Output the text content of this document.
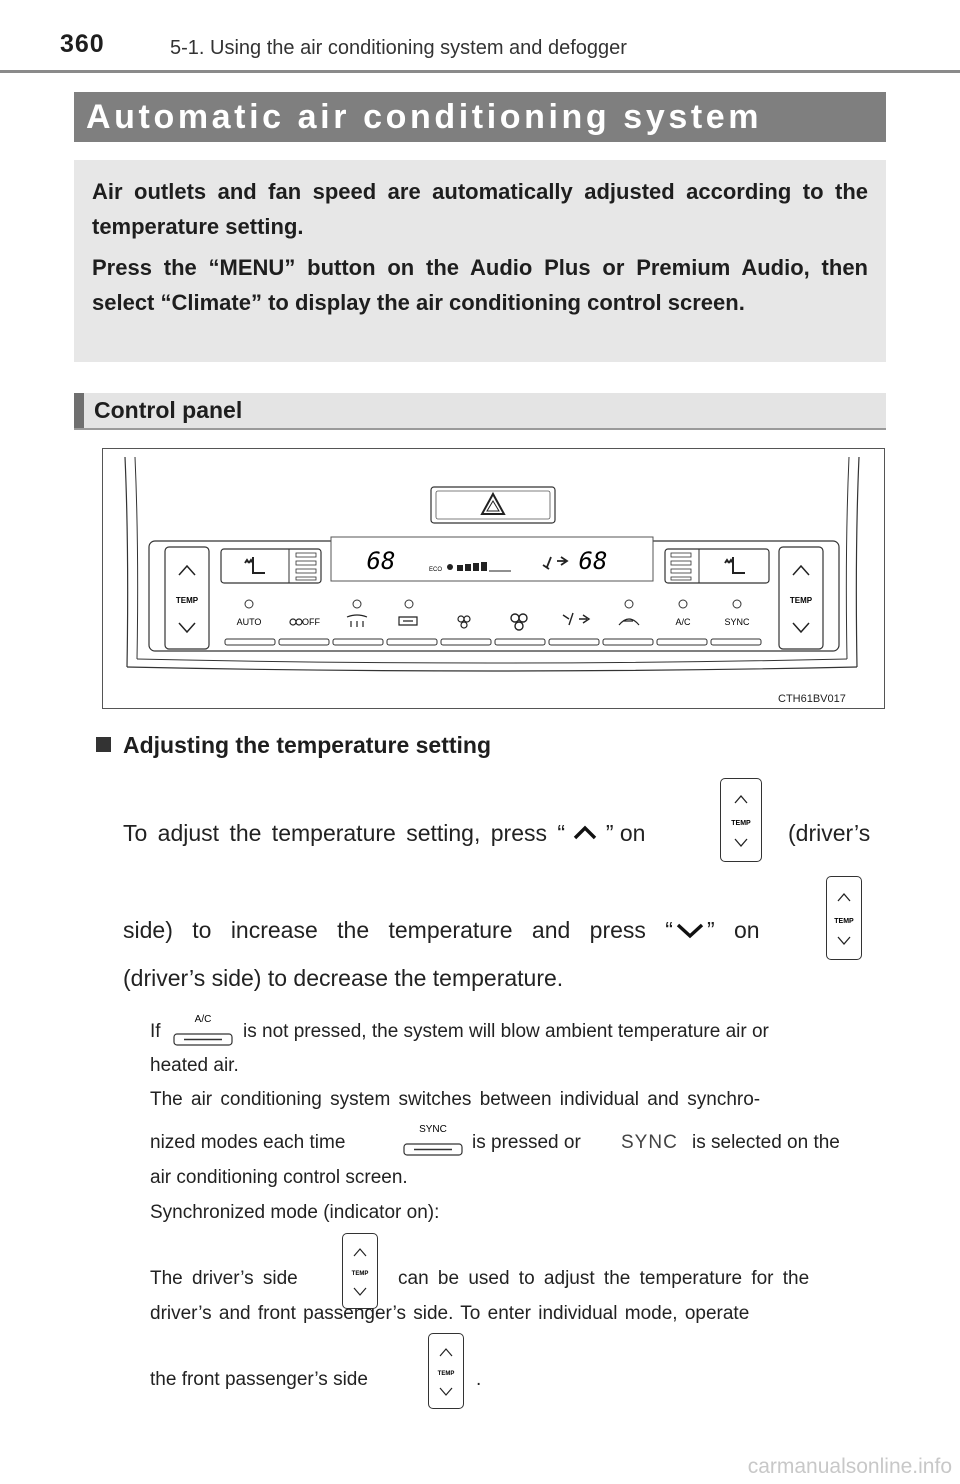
360	5-1. Using the air conditioning system and defogger
Automatic air conditioning system

Air outlets and fan speed are automatically adjusted according to the temperature setting.

Press the “MENU” button on the Audio Plus or Premium Audio, then select “Climate” to display the air conditioning control screen.

Control panel
TEMP	TEMP
68	ECO	68
AUTO	OFF	A/C	SYNC
CTH61BV017
Adjusting the temperature setting
To adjust the temperature setting, press “ ” on	TEMP (driver’s
side) to increase the temperature and press “ ” on	TEMP
(driver’s side) to decrease the temperature.
If
A/C
is not pressed, the system will blow ambient temperature air or
heated air.
The air conditioning system switches between individual and synchro-
nized modes each time
SYNC
is pressed or SYNC is selected on the
air conditioning control screen.
Synchronized mode (indicator on):
The driver’s side	TEMP can be used to adjust the temperature for the
driver’s and front passenger’s side. To enter individual mode, operate
the front passenger’s side	TEMP .
carmanualsonline.info
